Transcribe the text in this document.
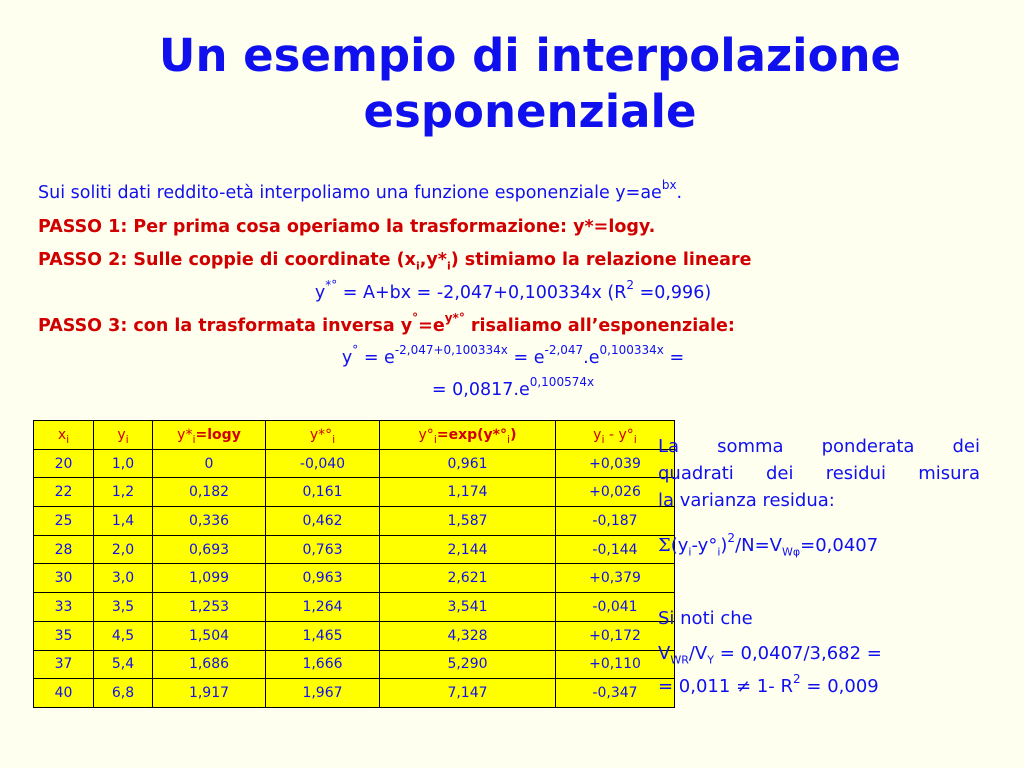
Un esempio di interpolazione
esponenziale
Sui soliti dati reddito-età interpoliamo una funzione esponenziale $y=ae^{bx}$.
PASSO 1: Per prima cosa operiamo la trasformazione: y*=logy.
PASSO 2: Sulle coppie di coordinate $(x_i,y*_i)$ stimiamo la relazione lineare
y*° = A+bx = -2,047+0,100334x $(R^2 =0,996)$
PASSO 3: con la trasformata inversa $y^\circ=e^{y*^\circ}$ risaliamo all’esponenziale:
$y^\circ = e^{-2,047+0,100334x} = e^{-2,047}.e^{0,100334x}$ =
= $0,0817.e^{0,100574x}$
$x_i$	$y_i$	$y*_i=\log y$	$y*^\circ_i$	$y^\circ_i=\exp(y*^\circ_i)$	$y_i - y^\circ_i$
20	1,0	0	-0,040	0,961	+0,039
22	1,2	0,182	0,161	1,174	+0,026
25	1,4	0,336	0,462	1,587	-0,187
28	2,0	0,693	0,763	2,144	-0,144
30	3,0	1,099	0,963	2,621	+0,379
33	3,5	1,253	1,264	3,541	-0,041
35	4,5	1,504	1,465	4,328	+0,172
37	5,4	1,686	1,666	5,290	+0,110
40	6,8	1,917	1,967	7,147	-0,347
La somma ponderata dei
quadrati dei residui misura
la varianza residua:
$\Sigma(y_i-y^\circ_i)^2/N=V_{W\varphi}=0,0407$
Si noti che
$V_{WR}/V_Y = 0,0407/3,682$ =
= 0,011 ≠ 1- $R^2 = 0,009$
